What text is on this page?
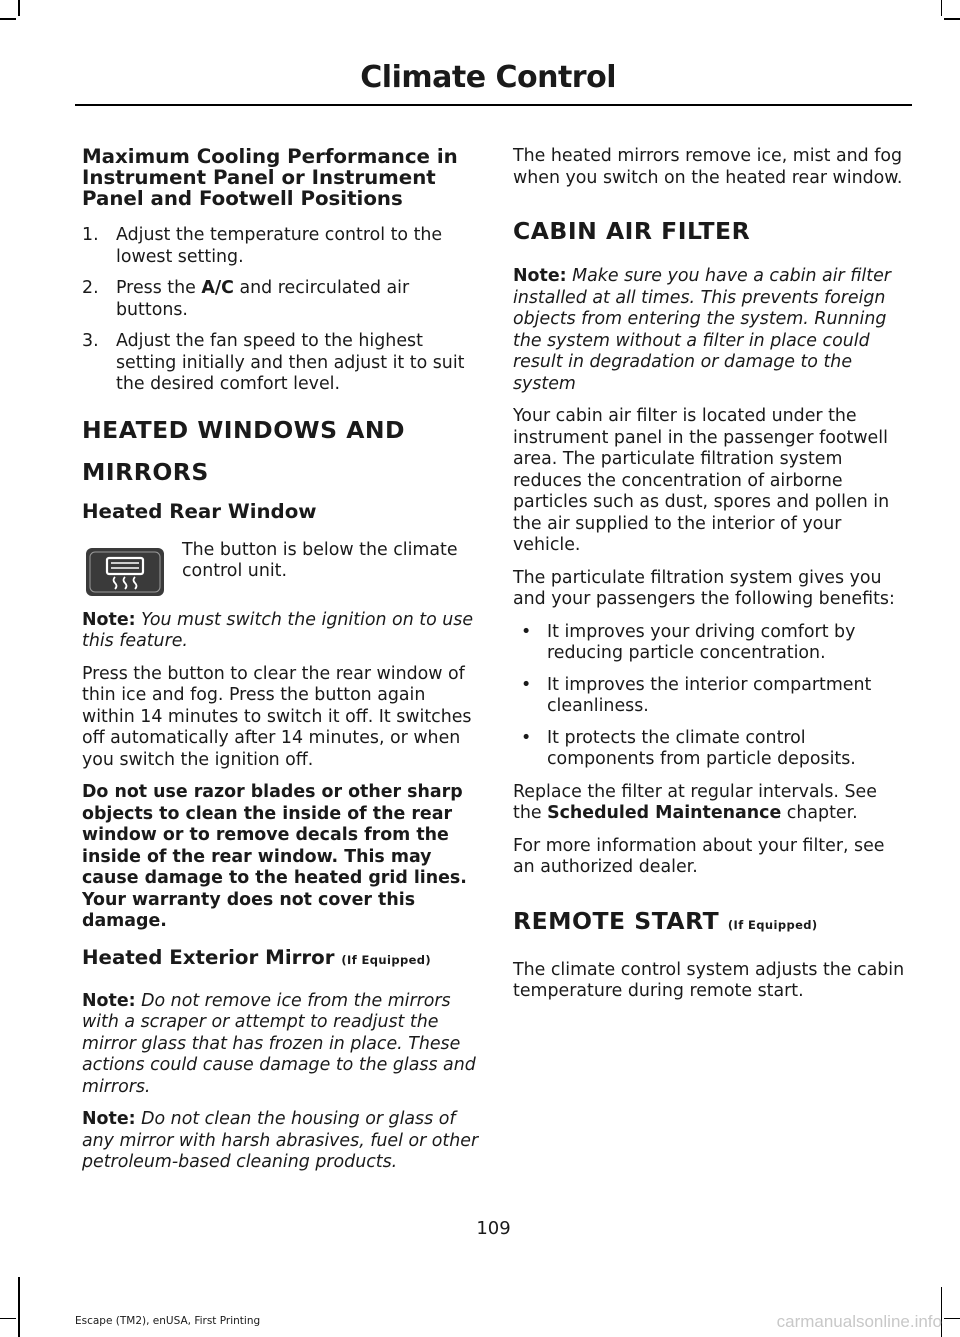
Climate Control
Maximum Cooling Performance in Instrument Panel or Instrument Panel and Footwell Positions
1. Adjust the temperature control to the lowest setting.
2. Press the A/C and recirculated air buttons.
3. Adjust the fan speed to the highest setting initially and then adjust it to suit the desired comfort level.
HEATED WINDOWS AND
MIRRORS
Heated Rear Window
The button is below the climate control unit.

Note: You must switch the ignition on to use this feature.

Press the button to clear the rear window of thin ice and fog. Press the button again within 14 minutes to switch it off. It switches off automatically after 14 minutes, or when you switch the ignition off.

Do not use razor blades or other sharp objects to clean the inside of the rear window or to remove decals from the inside of the rear window. This may cause damage to the heated grid lines. Your warranty does not cover this damage.
Heated Exterior Mirror (If Equipped)

Note: Do not remove ice from the mirrors with a scraper or attempt to readjust the mirror glass that has frozen in place. These actions could cause damage to the glass and mirrors.

Note: Do not clean the housing or glass of any mirror with harsh abrasives, fuel or other petroleum-based cleaning products.

The heated mirrors remove ice, mist and fog when you switch on the heated rear window.

CABIN AIR FILTER

Note: Make sure you have a cabin air filter installed at all times. This prevents foreign objects from entering the system. Running the system without a filter in place could result in degradation or damage to the system

Your cabin air filter is located under the instrument panel in the passenger footwell area. The particulate filtration system reduces the concentration of airborne particles such as dust, spores and pollen in the air supplied to the interior of your vehicle.

The particulate filtration system gives you and your passengers the following benefits:

• It improves your driving comfort by reducing particle concentration.
• It improves the interior compartment cleanliness.
• It protects the climate control components from particle deposits.

Replace the filter at regular intervals. See the Scheduled Maintenance chapter.

For more information about your filter, see an authorized dealer.

REMOTE START (If Equipped)

The climate control system adjusts the cabin temperature during remote start.

109
Escape (TM2), enUSA, First Printing	carmanualsonline.info
